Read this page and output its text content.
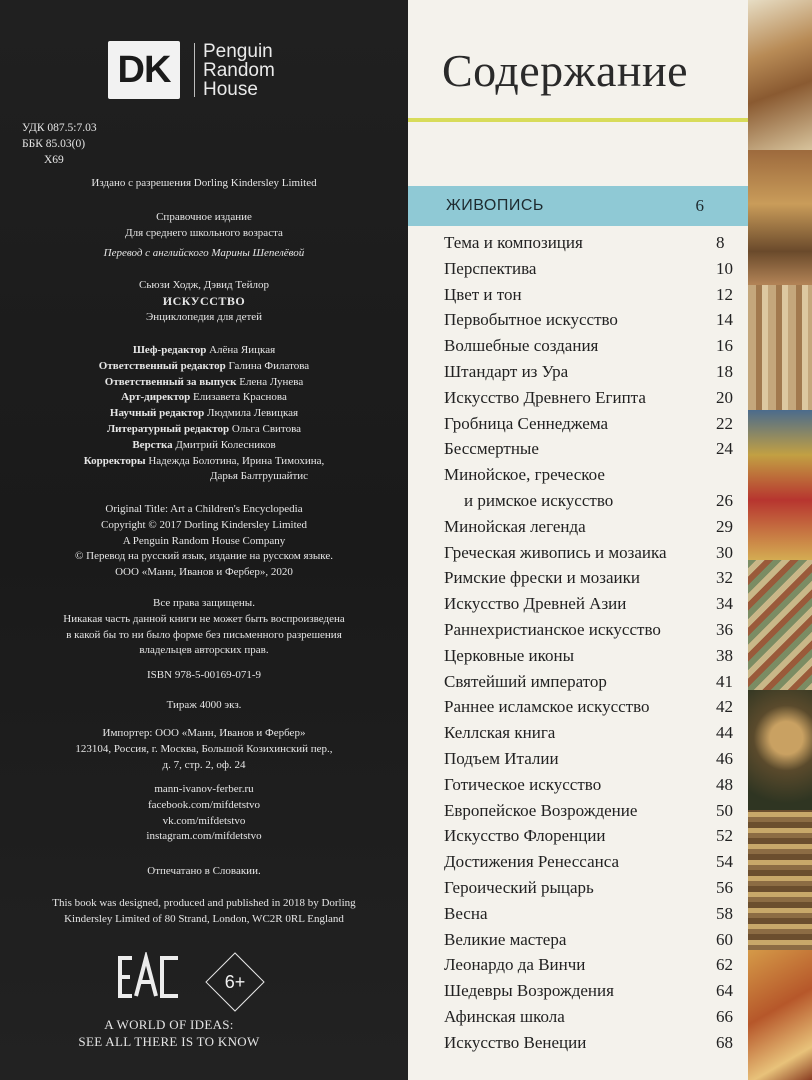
DK	Penguin
Random
House
УДК 087.5:7.03
ББК 85.03(0)
Х69
Издано с разрешения Dorling Kindersley Limited
Справочное издание
Для среднего школьного возраста
Перевод с английского Марины Шепелёвой
Сьюзи Ходж, Дэвид Тейлор
ИСКУССТВО
Энциклопедия для детей
Шеф-редактор Алёна Яицкая
Ответственный редактор Галина Филатова
Ответственный за выпуск Елена Лунева
Арт-директор Елизавета Краснова
Научный редактор Людмила Левицкая
Литературный редактор Ольга Свитова
Верстка Дмитрий Колесников
Корректоры Надежда Болотина, Ирина Тимохина,
Дарья Балтрушайтис
Original Title: Art a Children's Encyclopedia
Copyright © 2017 Dorling Kindersley Limited
A Penguin Random House Company
© Перевод на русский язык, издание на русском языке.
ООО «Манн, Иванов и Фербер», 2020
Все права защищены.
Никакая часть данной книги не может быть воспроизведена
в какой бы то ни было форме без письменного разрешения
владельцев авторских прав.
ISBN 978-5-00169-071-9
Тираж 4000 экз.
Импортер: ООО «Манн, Иванов и Фербер»
123104, Россия, г. Москва, Большой Козихинский пер.,
д. 7, стр. 2, оф. 24
mann-ivanov-ferber.ru
facebook.com/mifdetstvo
vk.com/mifdetstvo
instagram.com/mifdetstvo
Отпечатано в Словакии.
This book was designed, produced and published in 2018 by Dorling
Kindersley Limited of 80 Strand, London, WC2R 0RL England
6+
A WORLD OF IDEAS:
SEE ALL THERE IS TO KNOW
Содержание
ЖИВОПИСЬ	6
Тема и композиция	8
Перспектива	10
Цвет и тон	12
Первобытное искусство	14
Волшебные создания	16
Штандарт из Ура	18
Искусство Древнего Египта	20
Гробница Сеннеджема	22
Бессмертные	24
Минойское, греческое
и римское искусство	26
Минойская легенда	29
Греческая живопись и мозаика	30
Римские фрески и мозаики	32
Искусство Древней Азии	34
Раннехристианское искусство	36
Церковные иконы	38
Святейший император	41
Раннее исламское искусство	42
Келлская книга	44
Подъем Италии	46
Готическое искусство	48
Европейское Возрождение	50
Искусство Флоренции	52
Достижения Ренессанса	54
Героический рыцарь	56
Весна	58
Великие мастера	60
Леонардо да Винчи	62
Шедевры Возрождения	64
Афинская школа	66
Искусство Венеции	68
